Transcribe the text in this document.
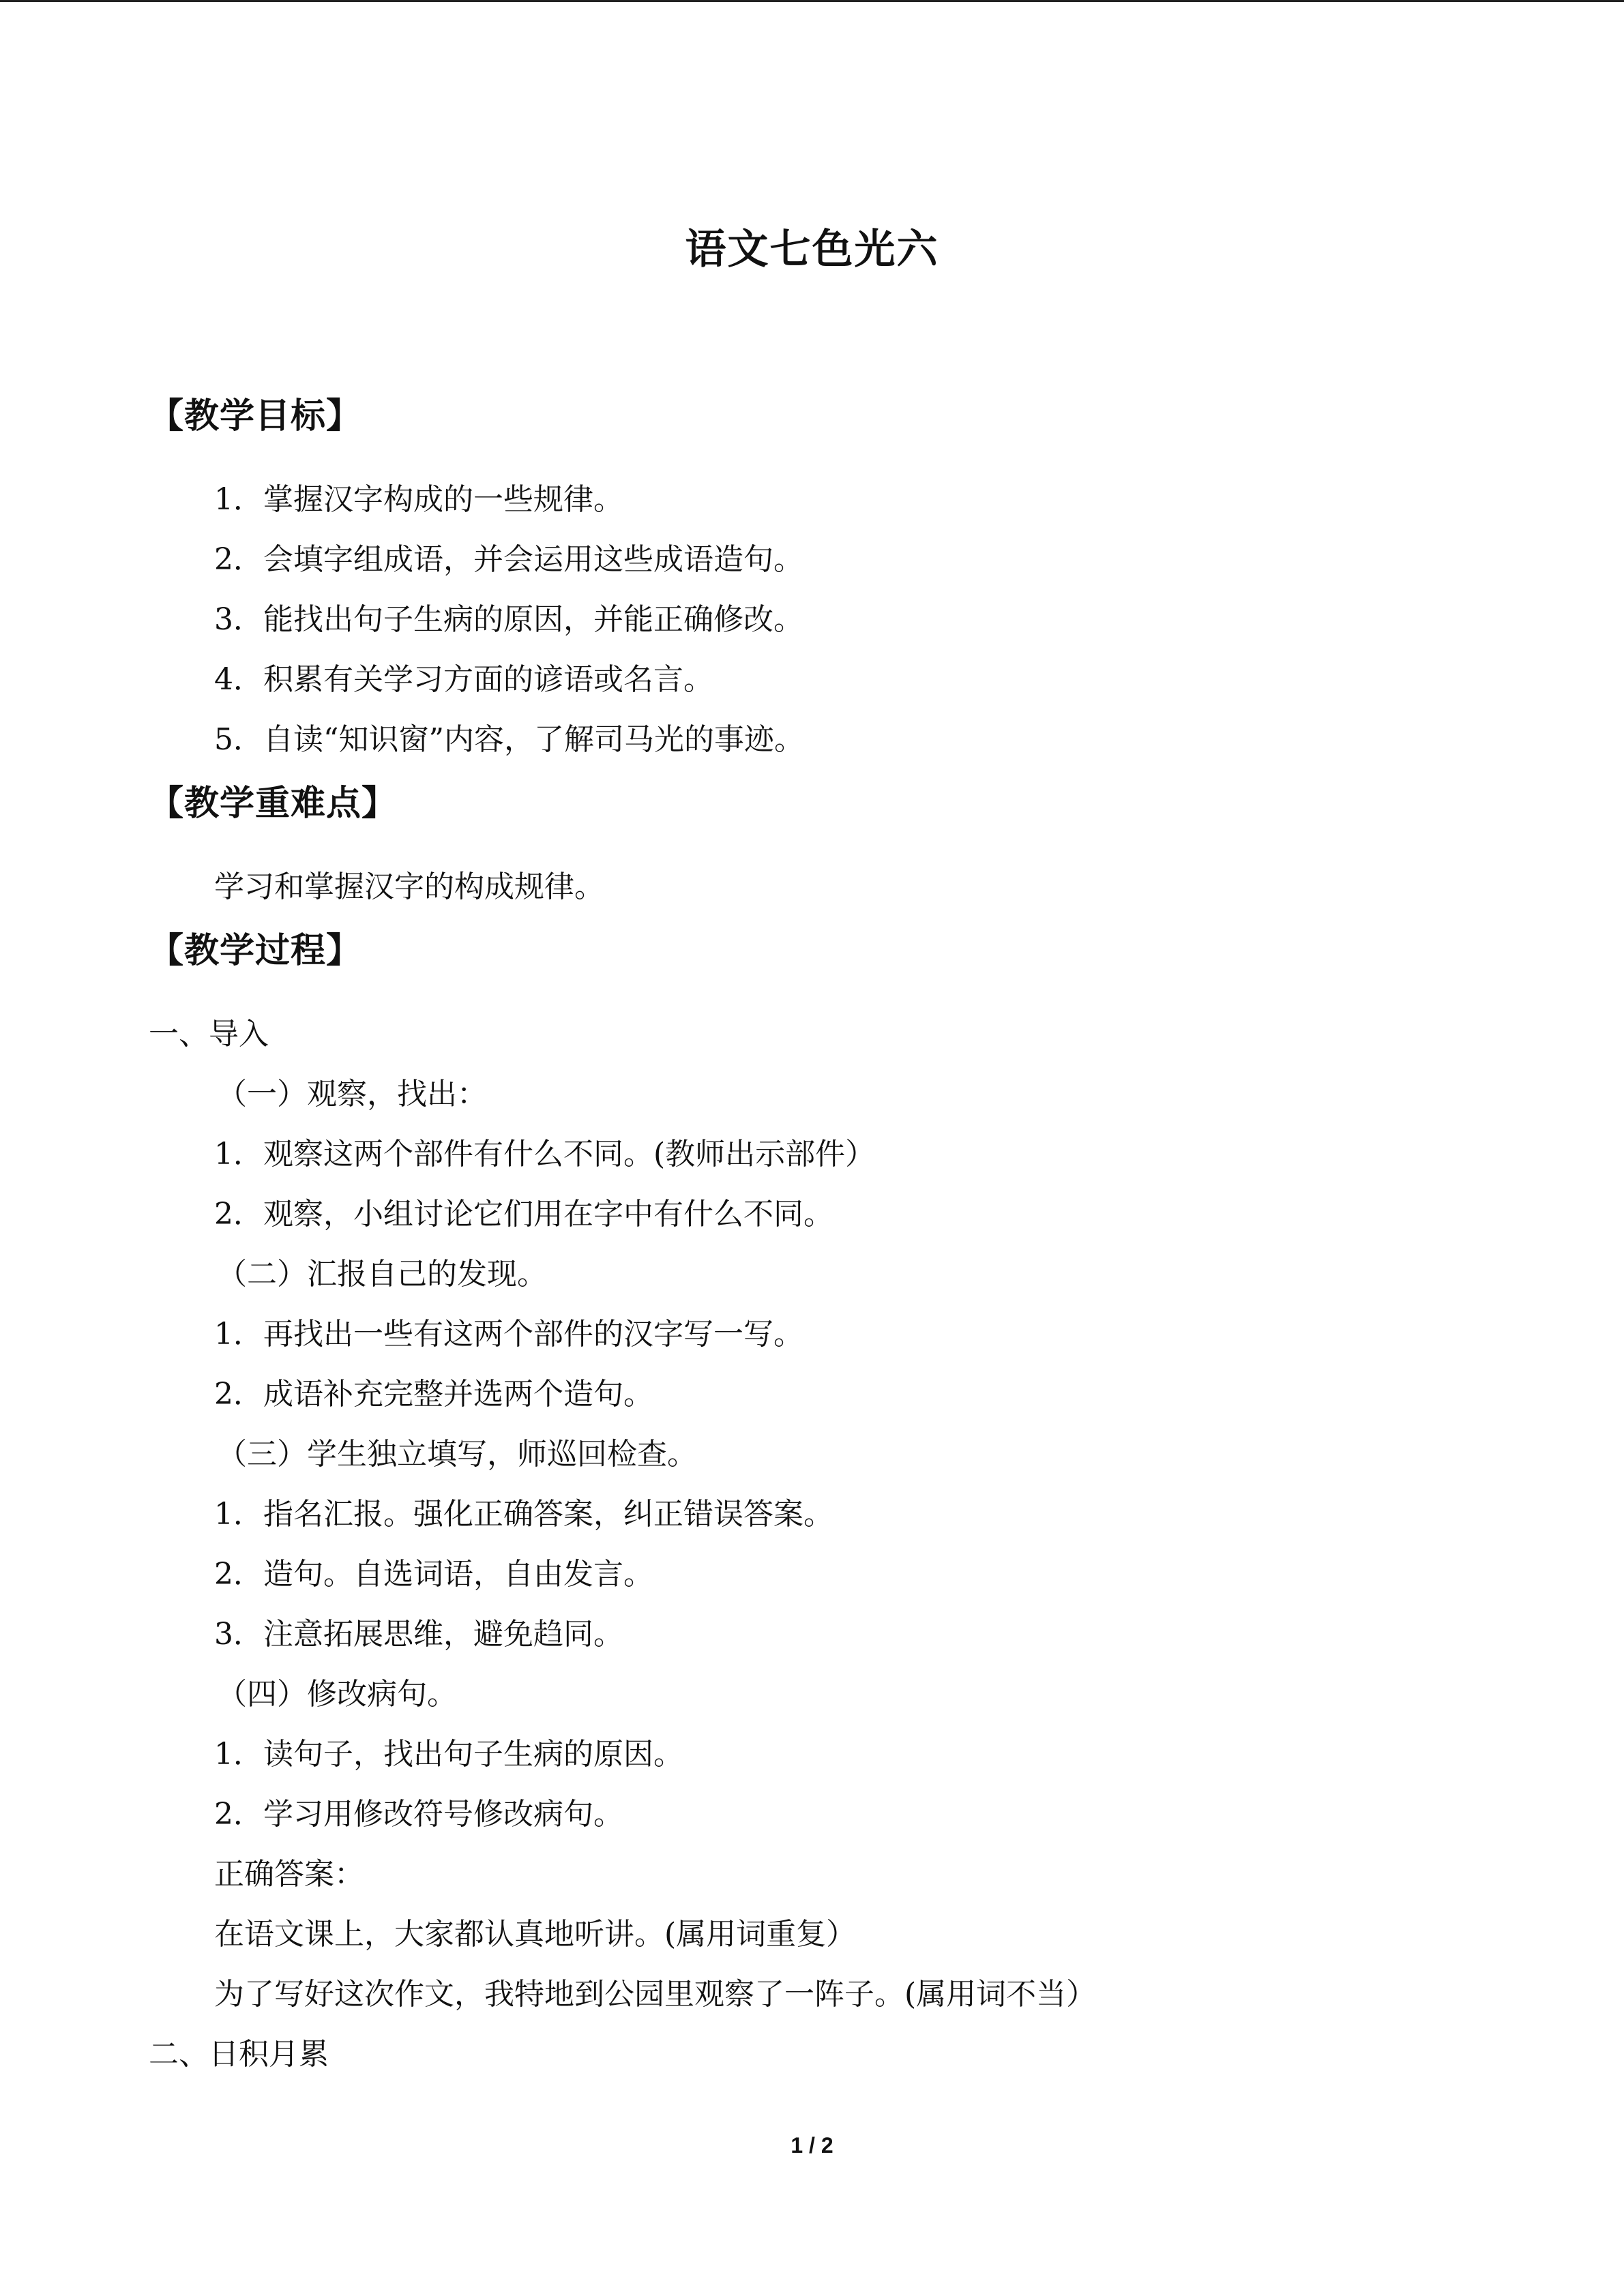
语文七色光六
【教学目标】
1．掌握汉字构成的一些规律。
2．会填字组成语，并会运用这些成语造句。
3．能找出句子生病的原因，并能正确修改。
4．积累有关学习方面的谚语或名言。
5．自读“知识窗”内容，了解司马光的事迹。
【教学重难点】
学习和掌握汉字的构成规律。
【教学过程】
一、导入
（一）观察，找出：
1．观察这两个部件有什么不同。(教师出示部件）
2．观察，小组讨论它们用在字中有什么不同。
（二）汇报自己的发现。
1．再找出一些有这两个部件的汉字写一写。
2．成语补充完整并选两个造句。
（三）学生独立填写，师巡回检查。
1．指名汇报。强化正确答案，纠正错误答案。
2．造句。自选词语，自由发言。
3．注意拓展思维，避免趋同。
（四）修改病句。
1．读句子，找出句子生病的原因。
2．学习用修改符号修改病句。
正确答案：
在语文课上，大家都认真地听讲。(属用词重复）
为了写好这次作文，我特地到公园里观察了一阵子。(属用词不当）
二、日积月累
1 / 2
